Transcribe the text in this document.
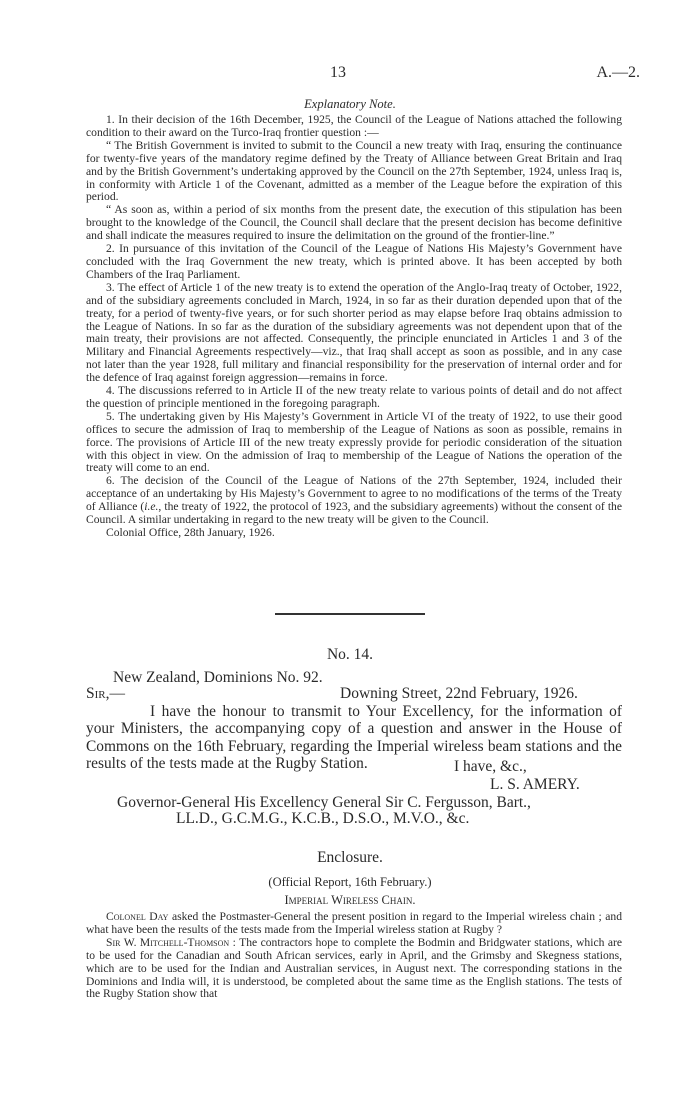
13	A.—2.
Explanatory Note.

1. In their decision of the 16th December, 1925, the Council of the League of Nations attached the following condition to their award on the Turco-Iraq frontier question :—

“ The British Government is invited to submit to the Council a new treaty with Iraq, ensuring the continuance for twenty-five years of the mandatory regime defined by the Treaty of Alliance between Great Britain and Iraq and by the British Government’s undertaking approved by the Council on the 27th September, 1924, unless Iraq is, in conformity with Article 1 of the Covenant, admitted as a member of the League before the expiration of this period.

“ As soon as, within a period of six months from the present date, the execution of this stipulation has been brought to the knowledge of the Council, the Council shall declare that the present decision has become definitive and shall indicate the measures required to insure the delimitation on the ground of the frontier-line.”

2. In pursuance of this invitation of the Council of the League of Nations His Majesty’s Government have concluded with the Iraq Government the new treaty, which is printed above. It has been accepted by both Chambers of the Iraq Parliament.

3. The effect of Article 1 of the new treaty is to extend the operation of the Anglo-Iraq treaty of October, 1922, and of the subsidiary agreements concluded in March, 1924, in so far as their duration depended upon that of the treaty, for a period of twenty-five years, or for such shorter period as may elapse before Iraq obtains admission to the League of Nations. In so far as the duration of the subsidiary agreements was not dependent upon that of the main treaty, their provisions are not affected. Consequently, the principle enunciated in Articles 1 and 3 of the Military and Financial Agreements respectively—viz., that Iraq shall accept as soon as possible, and in any case not later than the year 1928, full military and financial responsibility for the preservation of internal order and for the defence of Iraq against foreign aggression—remains in force.

4. The discussions referred to in Article II of the new treaty relate to various points of detail and do not affect the question of principle mentioned in the foregoing paragraph.

5. The undertaking given by His Majesty’s Government in Article VI of the treaty of 1922, to use their good offices to secure the admission of Iraq to membership of the League of Nations as soon as possible, remains in force. The provisions of Article III of the new treaty expressly provide for periodic consideration of the situation with this object in view. On the admission of Iraq to membership of the League of Nations the operation of the treaty will come to an end.

6. The decision of the Council of the League of Nations of the 27th September, 1924, included their acceptance of an undertaking by His Majesty’s Government to agree to no modifications of the terms of the Treaty of Alliance (i.e., the treaty of 1922, the protocol of 1923, and the subsidiary agreements) without the consent of the Council. A similar undertaking in regard to the new treaty will be given to the Council.

Colonial Office, 28th January, 1926.

No. 14.
New Zealand, Dominions No. 92.
Sir,—	Downing Street, 22nd February, 1926.

I have the honour to transmit to Your Excellency, for the information of your Ministers, the accompanying copy of a question and answer in the House of Commons on the 16th February, regarding the Imperial wireless beam stations and the results of the tests made at the Rugby Station.	I have, &c.,
L. S. AMERY.
Governor-General His Excellency General Sir C. Fergusson, Bart.,
LL.D., G.C.M.G., K.C.B., D.S.O., M.V.O., &c.
Enclosure.
(Official Report, 16th February.)
Imperial Wireless Chain.

Colonel Day asked the Postmaster-General the present position in regard to the Imperial wireless chain ; and what have been the results of the tests made from the Imperial wireless station at Rugby ?

Sir W. Mitchell-Thomson : The contractors hope to complete the Bodmin and Bridgwater stations, which are to be used for the Canadian and South African services, early in April, and the Grimsby and Skegness stations, which are to be used for the Indian and Australian services, in August next. The corresponding stations in the Dominions and India will, it is understood, be completed about the same time as the English stations. The tests of the Rugby Station show that
